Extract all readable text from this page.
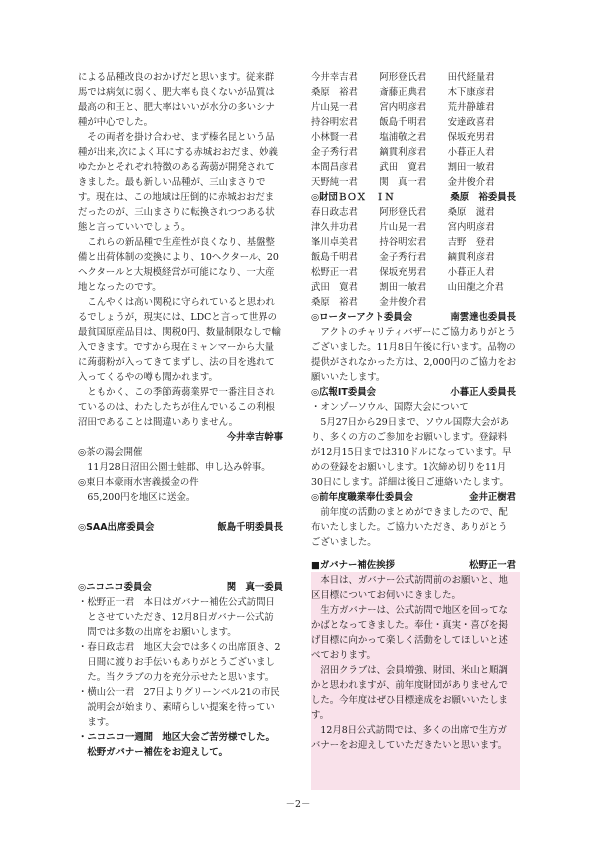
による品種改良のおかげだと思います。従来群馬では病気に弱く、肥大率も良くないが品質は最高の和王と、肥大率はいいが水分の多いシナ種が中心でした。

その両者を掛け合わせ、まず榛名昆という品種が出来,次によく耳にする赤城おおだま、妙義ゆたかとそれぞれ特徴のある蒟蒻が開発されてきました。最も新しい品種が、三山まさりです。現在は、この地域は圧倒的に赤城おおだまだったのが、三山まさりに転換されつつある状態と言っていいでしょう。

これらの新品種で生産性が良くなり、基盤整備と出荷体制の変換により、10ヘクタール、20ヘクタールと大規模経営が可能になり、一大産地となったのです。

こんやくは高い関税に守られていると思われるでしょうが，現実には、LDCと言って世界の最貧国原産品目は、関税0円、数量制限なしで輸入できます。ですから現在ミャンマーから大量に蒟蒻粉が入ってきてまずし、法の目を逃れて入ってくるやの噂も聞かれます。

ともかく、この季節蒟蒻業界で一番注目されているのは、わたしたちが住んでいるこの利根沼田であることは間違いありません。

今井幸吉幹事

◎茶の湯会開催

11月28日沼田公園士蛙郡、申し込み幹事。

◎東日本豪雨水害義援金の件

65,200円を地区に送金。

◎SAA出席委員会	飯島千明委員長
◎ニコニコ委員会	関　真一委員

・松野正一君　本日はガバナー補佐公式訪問日とさせていただき、12月8日ガバナー公式訪問では多数の出席をお願いします。

・春日政志君　地区大会では多くの出席頂き、2日間に渡りお手伝いもありがとうございました。当クラブの力を充分示せたと思います。

・横山公一君　27日よりグリーンベル21の市民説明会が始まり、素晴らしい提案を待っています。

・ニコニコ一週間　地区大会ご苦労様でした。松野ガバナー補佐をお迎えして。

今井幸吉君	阿形登氏君	田代経量君
桑原　裕君	斎藤正典君	木下康彦君
片山晃一君	宮内明彦君	荒井静雄君
持谷明宏君	飯島千明君	安達政喜君
小林賢一君	塩浦敬之君	保坂充男君
金子秀行君	鏑貫利彦君	小暮正人君
本間昌彦君	武田　寛君	割田一敏君
天野純一君	関　真一君	金井俊介君
◎財団ＢＯＸ　ＩＮ	桑原　裕委員長
春日政志君	阿形登氏君	桑原　滋君
津久井功君	片山晃一君	宮内明彦君
峯川卓美君	持谷明宏君	吉野　登君
飯島千明君	金子秀行君	鏑貫利彦君
松野正一君	保坂充男君	小暮正人君
武田　寛君	割田一敏君	山田龍之介君
桑原　裕君	金井俊介君
◎ローターアクト委員会	南雲達也委員長

アクトのチャリティバザーにご協力ありがとうございました。11月8日午後に行います。品物の提供がされなかった方は、2,000円のご協力をお願いいたします。

◎広報IT委員会	小暮正人委員長

・オンゾーソウル、国際大会について

5月27日から29日まで、ソウル国際大会があり、多くの方のご参加をお願いします。登録料が12月15日までは310ドルになっています。早めの登録をお願いします。1次締め切りを11月30日にします。詳細は後日ご連絡いたします。

◎前年度職業奉仕委員会	金井正樹君

前年度の活動のまとめができましたので、配布いたしました。ご協力いただき、ありがとうございました。

■ガバナー補佐挨拶	松野正一君

本日は、ガバナー公式訪問前のお願いと、地区目標についてお伺いにきました。

生方ガバナーは、公式訪問で地区を回ってなかばとなってきました。奉仕・真実・喜びを掲げ目標に向かって楽しく活動をしてほしいと述べております。

沼田クラブは、会員増強、財団、米山と順調かと思われますが、前年度財団がありませんでした。今年度はぜひ目標達成をお願いいたします。

12月8日公式訪問では、多くの出席で生方ガバナーをお迎えしていただきたいと思います。

－2－
